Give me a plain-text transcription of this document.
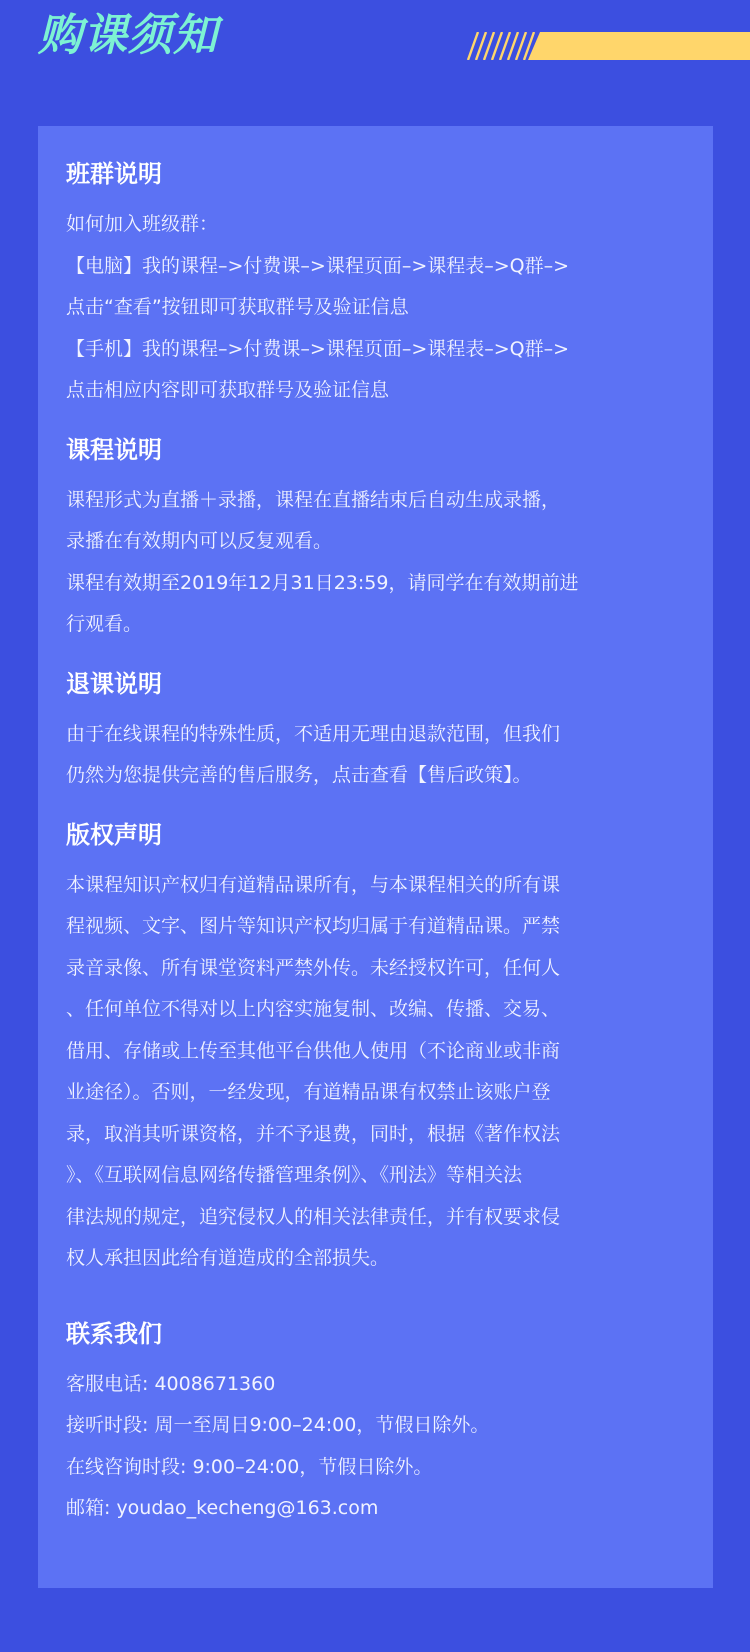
购课须知
班群说明
如何加入班级群：
【电脑】我的课程–>付费课–>课程页面–>课程表–>Q群–>
点击“查看”按钮即可获取群号及验证信息
【手机】我的课程–>付费课–>课程页面–>课程表–>Q群–>
点击相应内容即可获取群号及验证信息
课程说明
课程形式为直播＋录播，课程在直播结束后自动生成录播，
录播在有效期内可以反复观看。
课程有效期至2019年12月31日23:59，请同学在有效期前进
行观看。
退课说明
由于在线课程的特殊性质，不适用无理由退款范围，但我们
仍然为您提供完善的售后服务，点击查看【售后政策】。
版权声明
本课程知识产权归有道精品课所有，与本课程相关的所有课
程视频、文字、图片等知识产权均归属于有道精品课。严禁
录音录像、所有课堂资料严禁外传。未经授权许可，任何人
、任何单位不得对以上内容实施复制、改编、传播、交易、
借用、存储或上传至其他平台供他人使用（不论商业或非商
业途径）。否则，一经发现，有道精品课有权禁止该账户登
录，取消其听课资格，并不予退费，同时，根据《著作权法
》、《互联网信息网络传播管理条例》、《刑法》等相关法
律法规的规定，追究侵权人的相关法律责任，并有权要求侵
权人承担因此给有道造成的全部损失。
联系我们
客服电话: 4008671360
接听时段: 周一至周日9:00–24:00，节假日除外。
在线咨询时段: 9:00–24:00，节假日除外。
邮箱: youdao_kecheng@163.com
